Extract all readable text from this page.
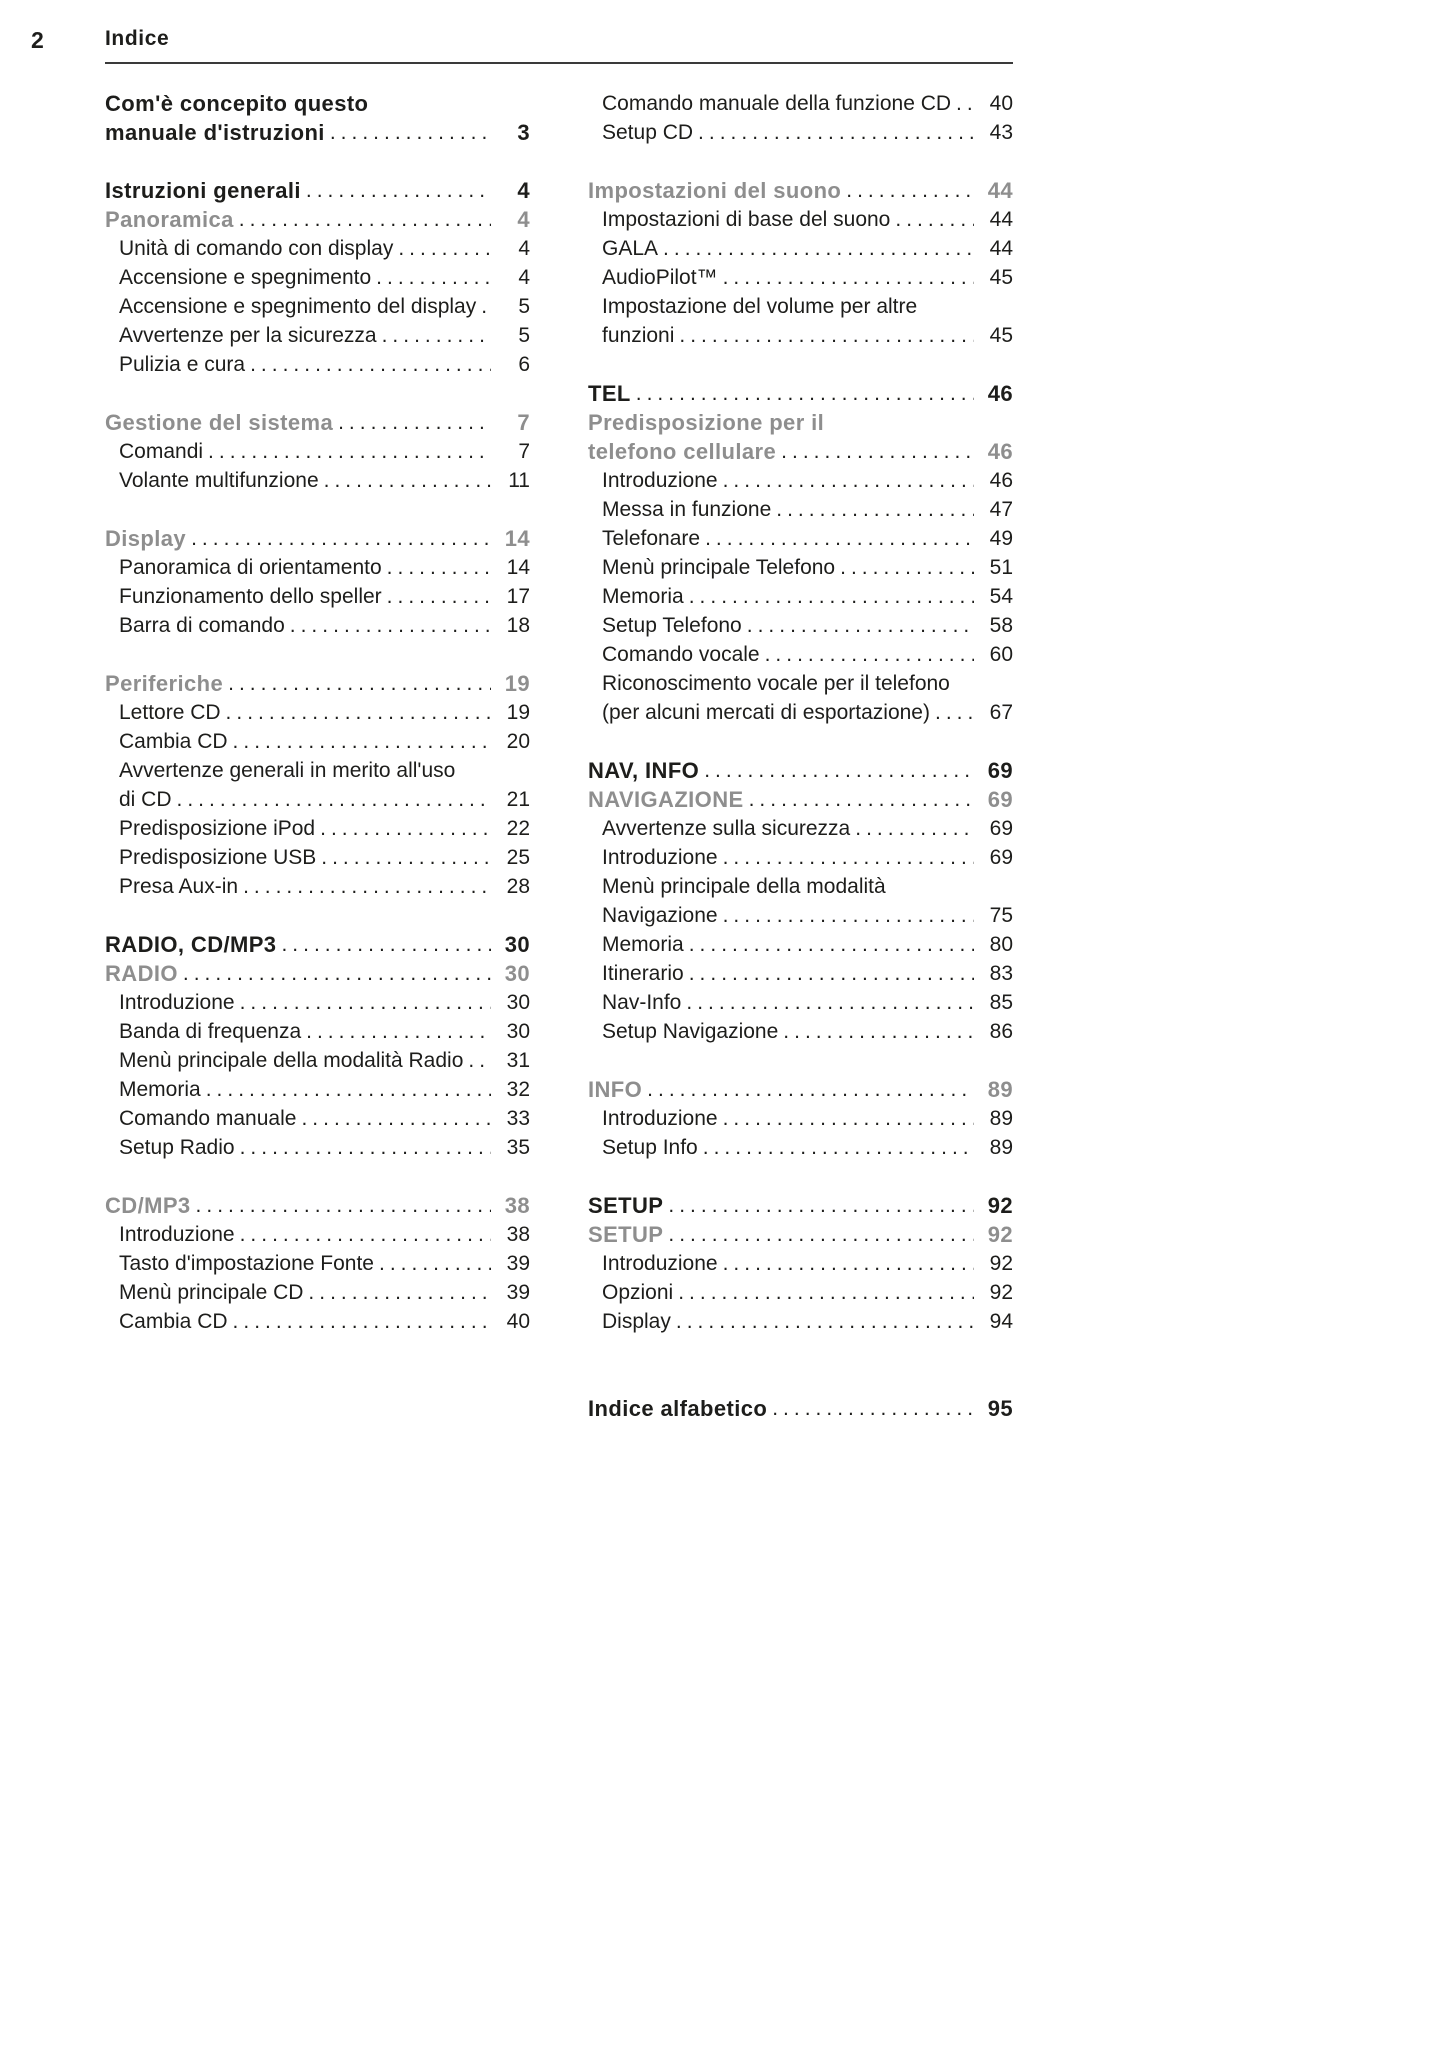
2	Indice
Com'è concepito questo
manuale d'istruzioni .....	3
Istruzioni generali .....	4
Panoramica .....	4
Unità di comando con display .....	4
Accensione e spegnimento .....	4
Accensione e spegnimento del display .....	5
Avvertenze per la sicurezza .....	5
Pulizia e cura .....	6
Gestione del sistema .....	7
Comandi .....	7
Volante multifunzione .....	11
Display .....	14
Panoramica di orientamento .....	14
Funzionamento dello speller .....	17
Barra di comando .....	18
Periferiche .....	19
Lettore CD .....	19
Cambia CD .....	20
Avvertenze generali in merito all'uso
di CD .....	21
Predisposizione iPod .....	22
Predisposizione USB .....	25
Presa Aux-in .....	28
RADIO, CD/MP3 .....	30
RADIO .....	30
Introduzione .....	30
Banda di frequenza .....	30
Menù principale della modalità Radio .....	31
Memoria .....	32
Comando manuale .....	33
Setup Radio .....	35
CD/MP3 .....	38
Introduzione .....	38
Tasto d'impostazione Fonte .....	39
Menù principale CD .....	39
Cambia CD .....	40
Comando manuale della funzione CD .....	40
Setup CD .....	43
Impostazioni del suono .....	44
Impostazioni di base del suono .....	44
GALA .....	44
AudioPilot™ .....	45
Impostazione del volume per altre
funzioni .....	45
TEL .....	46
Predisposizione per il
telefono cellulare .....	46
Introduzione .....	46
Messa in funzione .....	47
Telefonare .....	49
Menù principale Telefono .....	51
Memoria .....	54
Setup Telefono .....	58
Comando vocale .....	60
Riconoscimento vocale per il telefono
(per alcuni mercati di esportazione) .....	67
NAV, INFO .....	69
NAVIGAZIONE .....	69
Avvertenze sulla sicurezza .....	69
Introduzione .....	69
Menù principale della modalità
Navigazione .....	75
Memoria .....	80
Itinerario .....	83
Nav-Info .....	85
Setup Navigazione .....	86
INFO .....	89
Introduzione .....	89
Setup Info .....	89
SETUP .....	92
SETUP .....	92
Introduzione .....	92
Opzioni .....	92
Display .....	94
Indice alfabetico .....	95
